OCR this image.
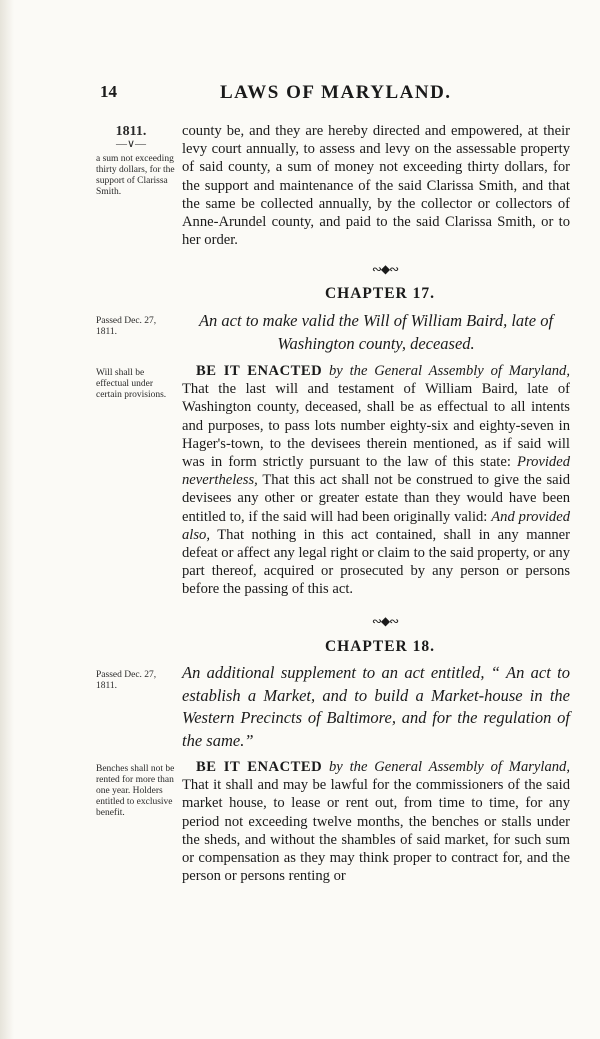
14	LAWS OF MARYLAND.
1811.
—∨—
a sum not exceeding thirty dollars, for the support of Clarissa Smith.
county be, and they are hereby directed and empowered, at their levy court annually, to assess and levy on the assessable property of said county, a sum of money not exceeding thirty dollars, for the support and maintenance of the said Clarissa Smith, and that the same be collected annually, by the collector or collectors of Anne-Arundel county, and paid to the said Clarissa Smith, or to her order.
∾◆∾
CHAPTER 17.
Passed Dec. 27, 1811.
An act to make valid the Will of William Baird, late of Washington county, deceased.
Will shall be effectual under certain provisions.
BE IT ENACTED by the General Assembly of Maryland, That the last will and testament of William Baird, late of Washington county, deceased, shall be as effectual to all intents and purposes, to pass lots number eighty-six and eighty-seven in Hager's-town, to the devisees therein mentioned, as if said will was in form strictly pursuant to the law of this state: Provided nevertheless, That this act shall not be construed to give the said devisees any other or greater estate than they would have been entitled to, if the said will had been originally valid: And provided also, That nothing in this act contained, shall in any manner defeat or affect any legal right or claim to the said property, or any part thereof, acquired or prosecuted by any person or persons before the passing of this act.
∾◆∾
CHAPTER 18.
Passed Dec. 27, 1811.
An additional supplement to an act entitled, “ An act to establish a Market, and to build a Market-house in the Western Precincts of Baltimore, and for the regulation of the same.”
Benches shall not be rented for more than one year. Holders entitled to exclusive benefit.
BE IT ENACTED by the General Assembly of Maryland, That it shall and may be lawful for the commissioners of the said market house, to lease or rent out, from time to time, for any period not exceeding twelve months, the benches or stalls under the sheds, and without the shambles of said market, for such sum or compensation as they may think proper to contract for, and the person or persons renting or
